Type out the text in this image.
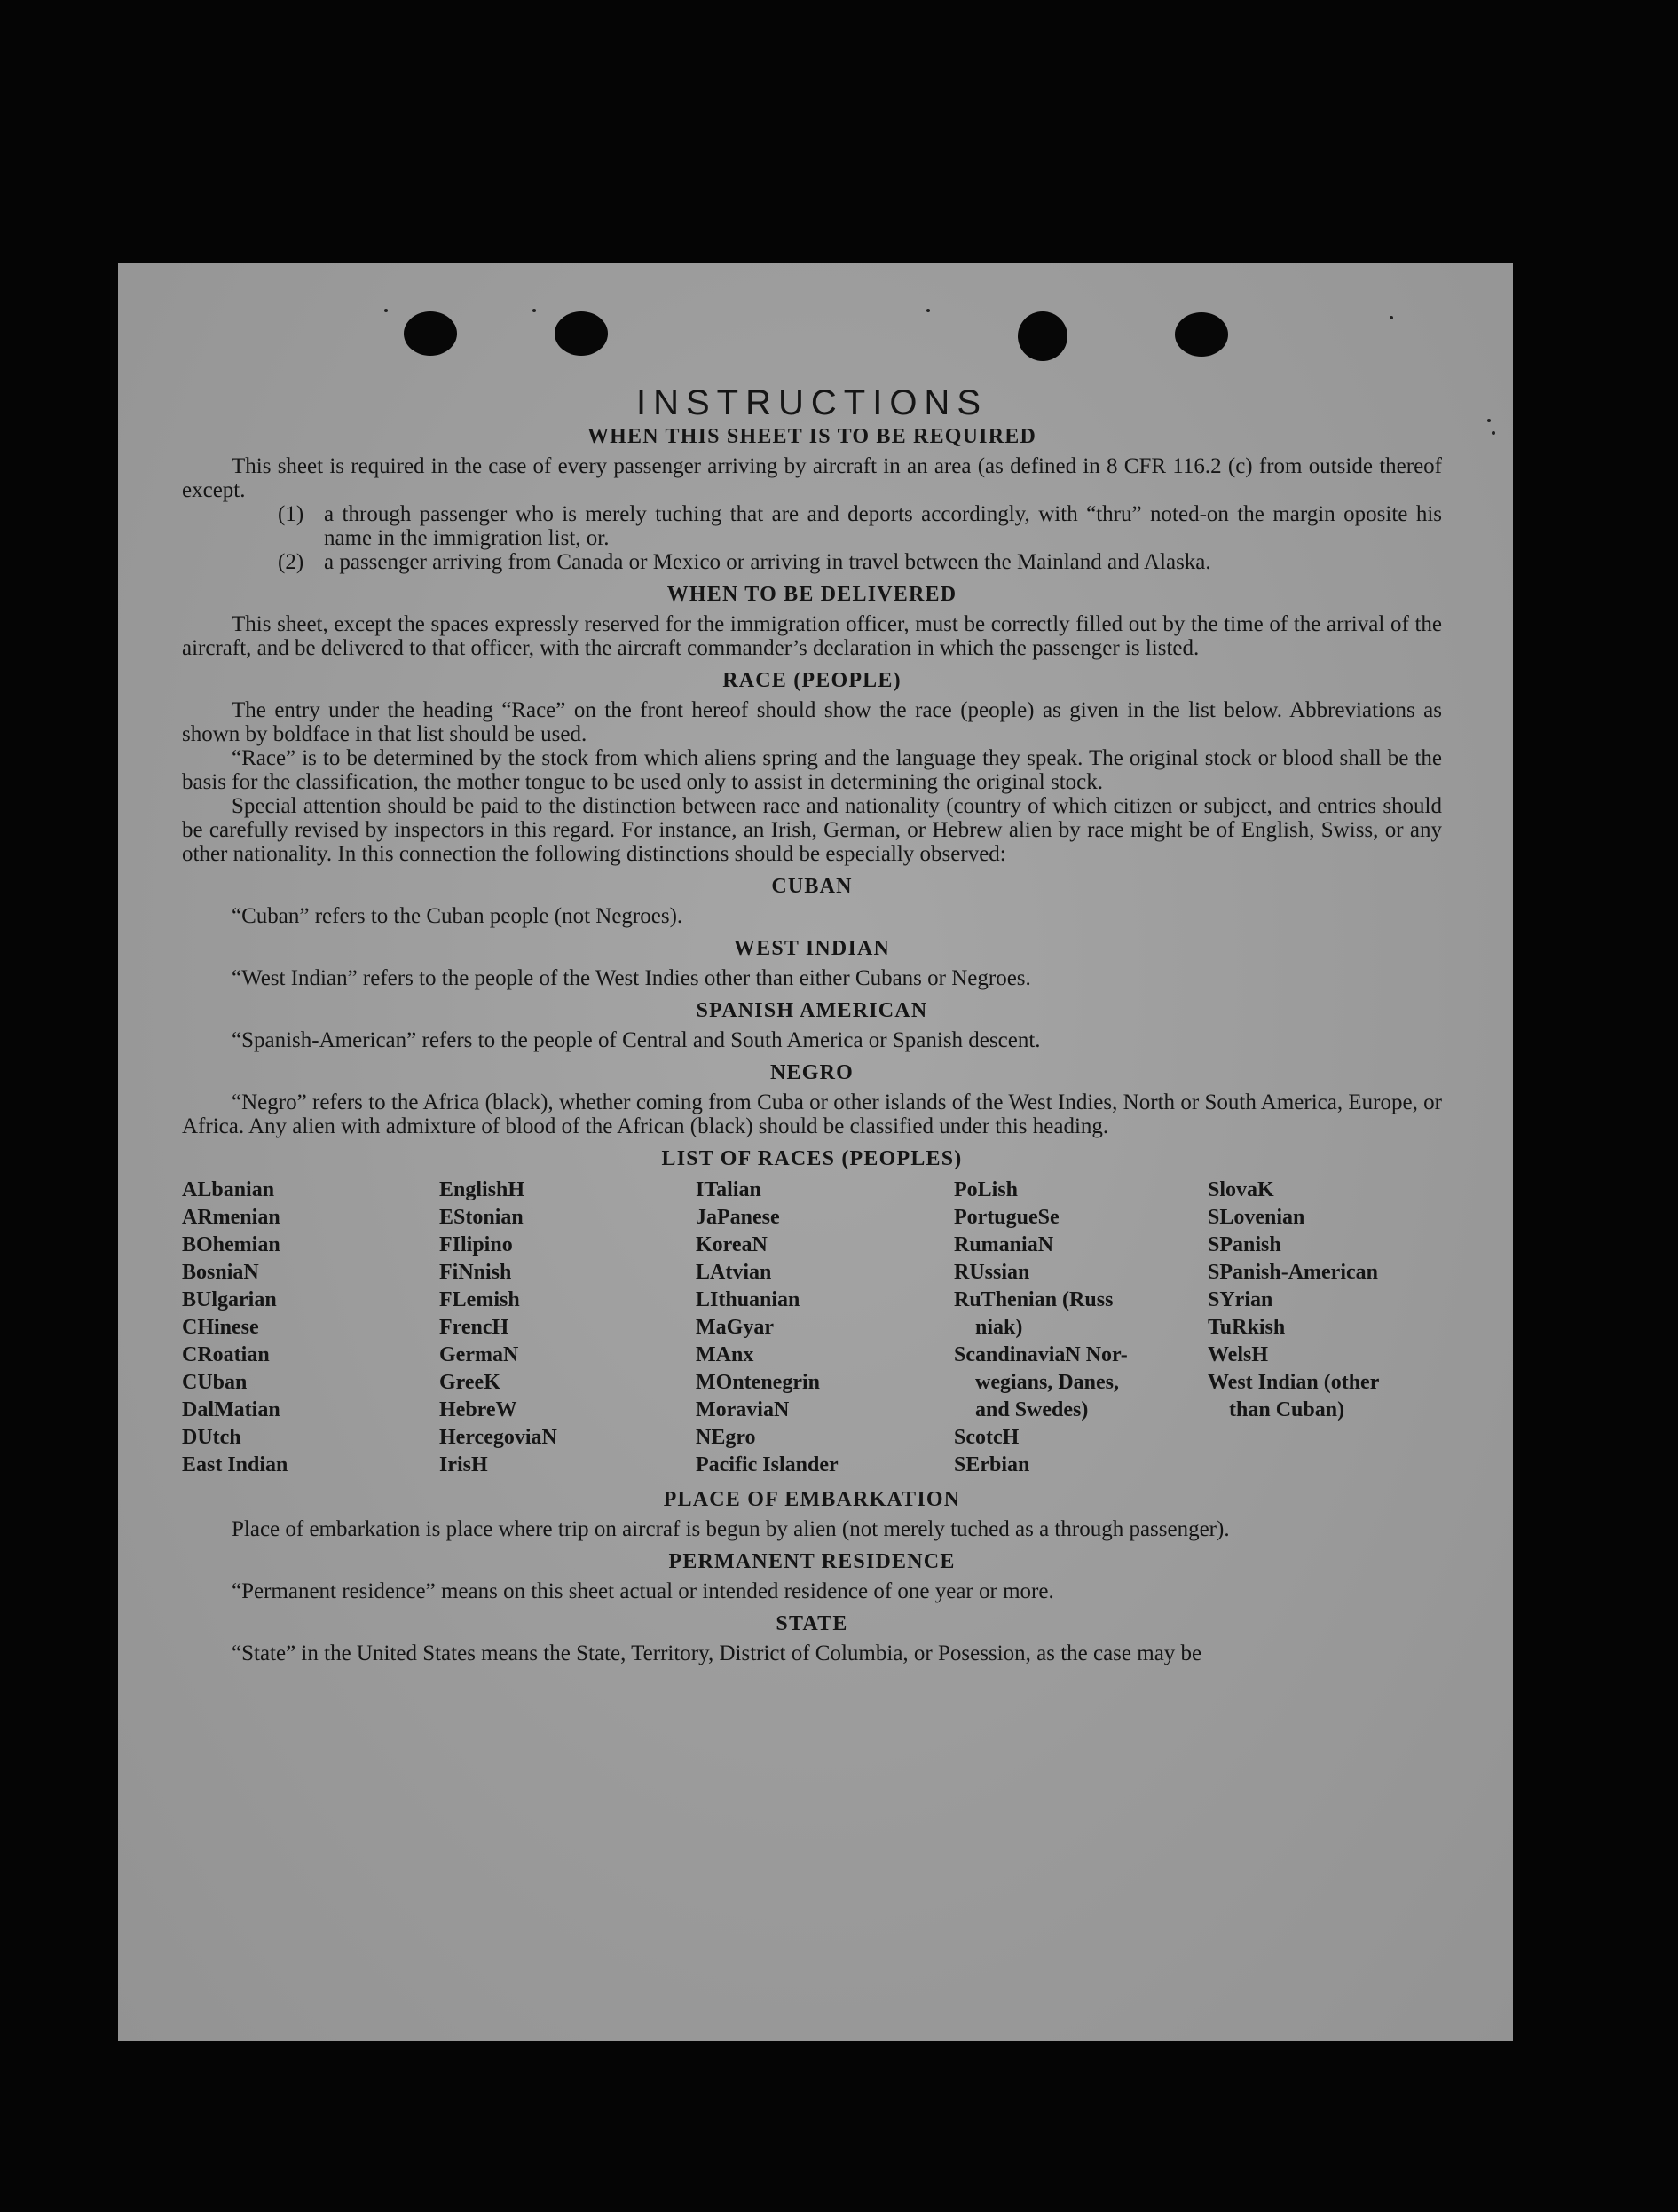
INSTRUCTIONS
WHEN THIS SHEET IS TO BE REQUIRED

This sheet is required in the case of every passenger arriving by aircraft in an area (as defined in 8 CFR 116.2 (c) from outside thereof except.

(1) a through passenger who is merely tuching that are and deports accordingly, with “thru” noted-on the margin oposite his name in the immigration list, or.
(2) a passenger arriving from Canada or Mexico or arriving in travel between the Mainland and Alaska.
WHEN TO BE DELIVERED

This sheet, except the spaces expressly reserved for the immigration officer, must be correctly filled out by the time of the arrival of the aircraft, and be delivered to that officer, with the aircraft commander’s declaration in which the passenger is listed.

RACE (PEOPLE)

The entry under the heading “Race” on the front hereof should show the race (people) as given in the list below. Abbreviations as shown by boldface in that list should be used.

“Race” is to be determined by the stock from which aliens spring and the language they speak. The original stock or blood shall be the basis for the classification, the mother tongue to be used only to assist in determining the original stock.

Special attention should be paid to the distinction between race and nationality (country of which citizen or subject, and entries should be carefully revised by inspectors in this regard. For instance, an Irish, German, or Hebrew alien by race might be of English, Swiss, or any other nationality. In this connection the following distinctions should be especially observed:

CUBAN

“Cuban” refers to the Cuban people (not Negroes).

WEST INDIAN

“West Indian” refers to the people of the West Indies other than either Cubans or Negroes.

SPANISH AMERICAN

“Spanish-American” refers to the people of Central and South America or Spanish descent.

NEGRO

“Negro” refers to the Africa (black), whether coming from Cuba or other islands of the West Indies, North or South America, Europe, or Africa. Any alien with admixture of blood of the African (black) should be classified under this heading.

LIST OF RACES (PEOPLES)
ALbanian
ARmenian
BOhemian
BosniaN
BUlgarian
CHinese
CRoatian
CUban
DalMatian
DUtch
East Indian
EnglishH
EStonian
FIlipino
FiNnish
FLemish
FrencH
GermaN
GreeK
HebreW
HercegoviaN
IrisH
ITalian
JaPanese
KoreaN
LAtvian
LIthuanian
MaGyar
MAnx
MOntenegrin
MoraviaN
NEgro
Pacific Islander
PoLish
PortugueSe
RumaniaN
RUssian
RuThenian (Russ
niak)
ScandinaviaN Nor-
wegians, Danes,
and Swedes)
ScotcH
SErbian
SlovaK
SLovenian
SPanish
SPanish-American
SYrian
TuRkish
WelsH
West Indian (other
than Cuban)
PLACE OF EMBARKATION

Place of embarkation is place where trip on aircraf is begun by alien (not merely tuched as a through passenger).

PERMANENT RESIDENCE

“Permanent residence” means on this sheet actual or intended residence of one year or more.

STATE

“State” in the United States means the State, Territory, District of Columbia, or Posession, as the case may be
